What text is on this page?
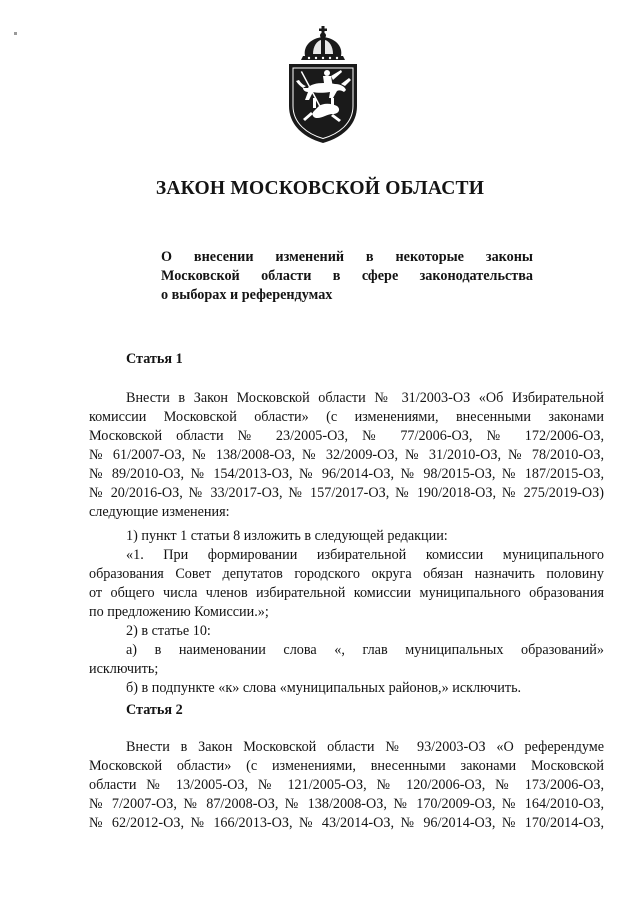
ЗАКОН МОСКОВСКОЙ ОБЛАСТИ
О внесении изменений в некоторые законы
Московской области в сфере законодательства
о выборах и референдумах
Статья 1
Внести в Закон Московской области № 31/2003-ОЗ «Об Избирательной
комиссии Московской области» (с изменениями, внесенными законами
Московской области № 23/2005-ОЗ, № 77/2006-ОЗ, № 172/2006-ОЗ,
№ 61/2007-ОЗ, № 138/2008-ОЗ, № 32/2009-ОЗ, № 31/2010-ОЗ, № 78/2010-ОЗ,
№ 89/2010-ОЗ, № 154/2013-ОЗ, № 96/2014-ОЗ, № 98/2015-ОЗ, № 187/2015-ОЗ,
№ 20/2016-ОЗ, № 33/2017-ОЗ, № 157/2017-ОЗ, № 190/2018-ОЗ, № 275/2019-ОЗ)
следующие изменения:
1) пункт 1 статьи 8 изложить в следующей редакции:
«1. При формировании избирательной комиссии муниципального
образования Совет депутатов городского округа обязан назначить половину
от общего числа членов избирательной комиссии муниципального образования
по предложению Комиссии.»;
2) в статье 10:
а) в наименовании слова «, глав муниципальных образований»
исключить;
б) в подпункте «к» слова «муниципальных районов,» исключить.
Статья 2
Внести в Закон Московской области № 93/2003-ОЗ «О референдуме
Московской области» (с изменениями, внесенными законами Московской
области № 13/2005-ОЗ, № 121/2005-ОЗ, № 120/2006-ОЗ, № 173/2006-ОЗ,
№ 7/2007-ОЗ, № 87/2008-ОЗ, № 138/2008-ОЗ, № 170/2009-ОЗ, № 164/2010-ОЗ,
№ 62/2012-ОЗ, № 166/2013-ОЗ, № 43/2014-ОЗ, № 96/2014-ОЗ, № 170/2014-ОЗ,
